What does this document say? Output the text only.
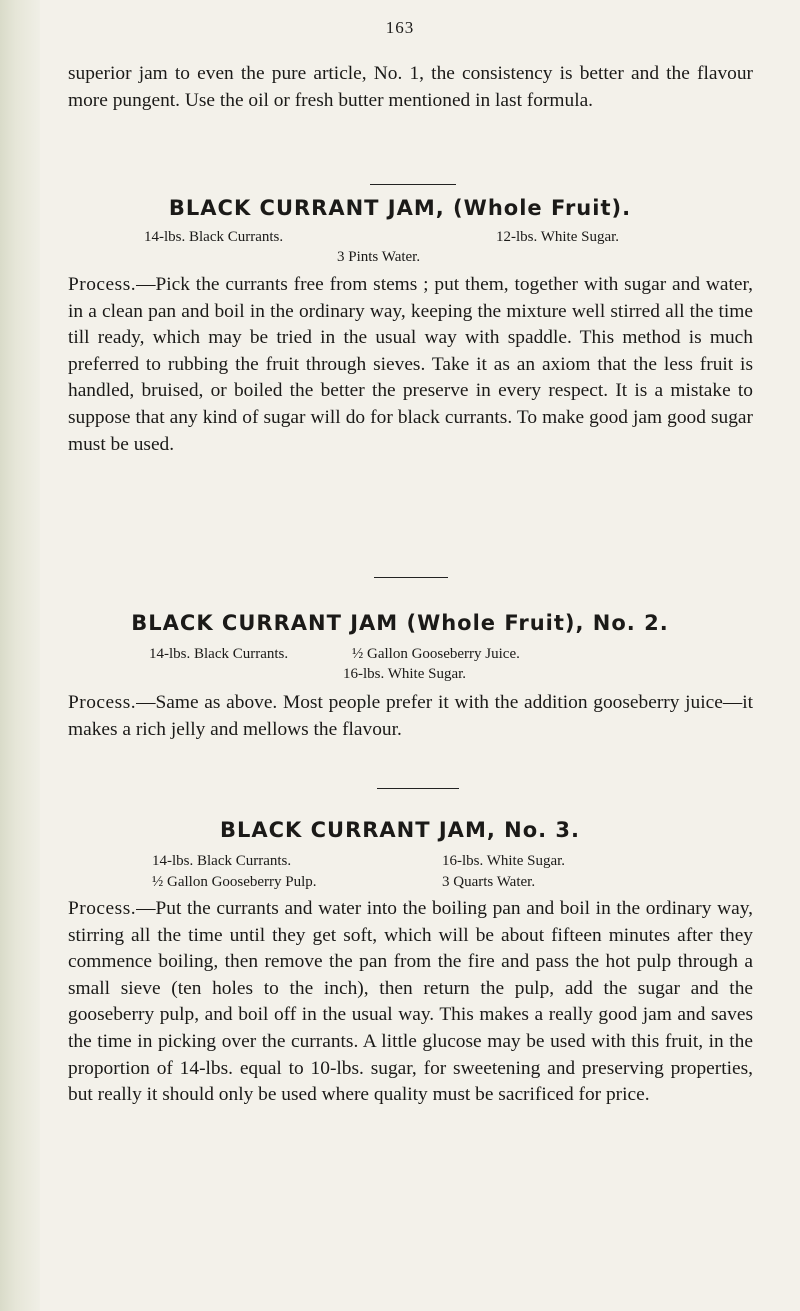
163

superior jam to even the pure article, No. 1, the consistency is better and the flavour more pungent. Use the oil or fresh butter mentioned in last formula.

BLACK CURRANT JAM, (Whole Fruit).
14-lbs. Black Currants.	12-lbs. White Sugar.
3 Pints Water.

Process.—Pick the currants free from stems ; put them, together with sugar and water, in a clean pan and boil in the ordinary way, keeping the mixture well stirred all the time till ready, which may be tried in the usual way with spaddle. This method is much preferred to rubbing the fruit through sieves. Take it as an axiom that the less fruit is handled, bruised, or boiled the better the preserve in every respect. It is a mistake to suppose that any kind of sugar will do for black currants. To make good jam good sugar must be used.

BLACK CURRANT JAM (Whole Fruit), No. 2.
14-lbs. Black Currants.	½ Gallon Gooseberry Juice.
16-lbs. White Sugar.

Process.—Same as above. Most people prefer it with the addition gooseberry juice—it makes a rich jelly and mellows the flavour.

BLACK CURRANT JAM, No. 3.
14-lbs. Black Currants.	16-lbs. White Sugar.
½ Gallon Gooseberry Pulp.	3 Quarts Water.

Process.—Put the currants and water into the boiling pan and boil in the ordinary way, stirring all the time until they get soft, which will be about fifteen minutes after they commence boiling, then remove the pan from the fire and pass the hot pulp through a small sieve (ten holes to the inch), then return the pulp, add the sugar and the gooseberry pulp, and boil off in the usual way. This makes a really good jam and saves the time in picking over the currants. A little glucose may be used with this fruit, in the proportion of 14-lbs. equal to 10-lbs. sugar, for sweetening and preserving properties, but really it should only be used where quality must be sacrificed for price.
